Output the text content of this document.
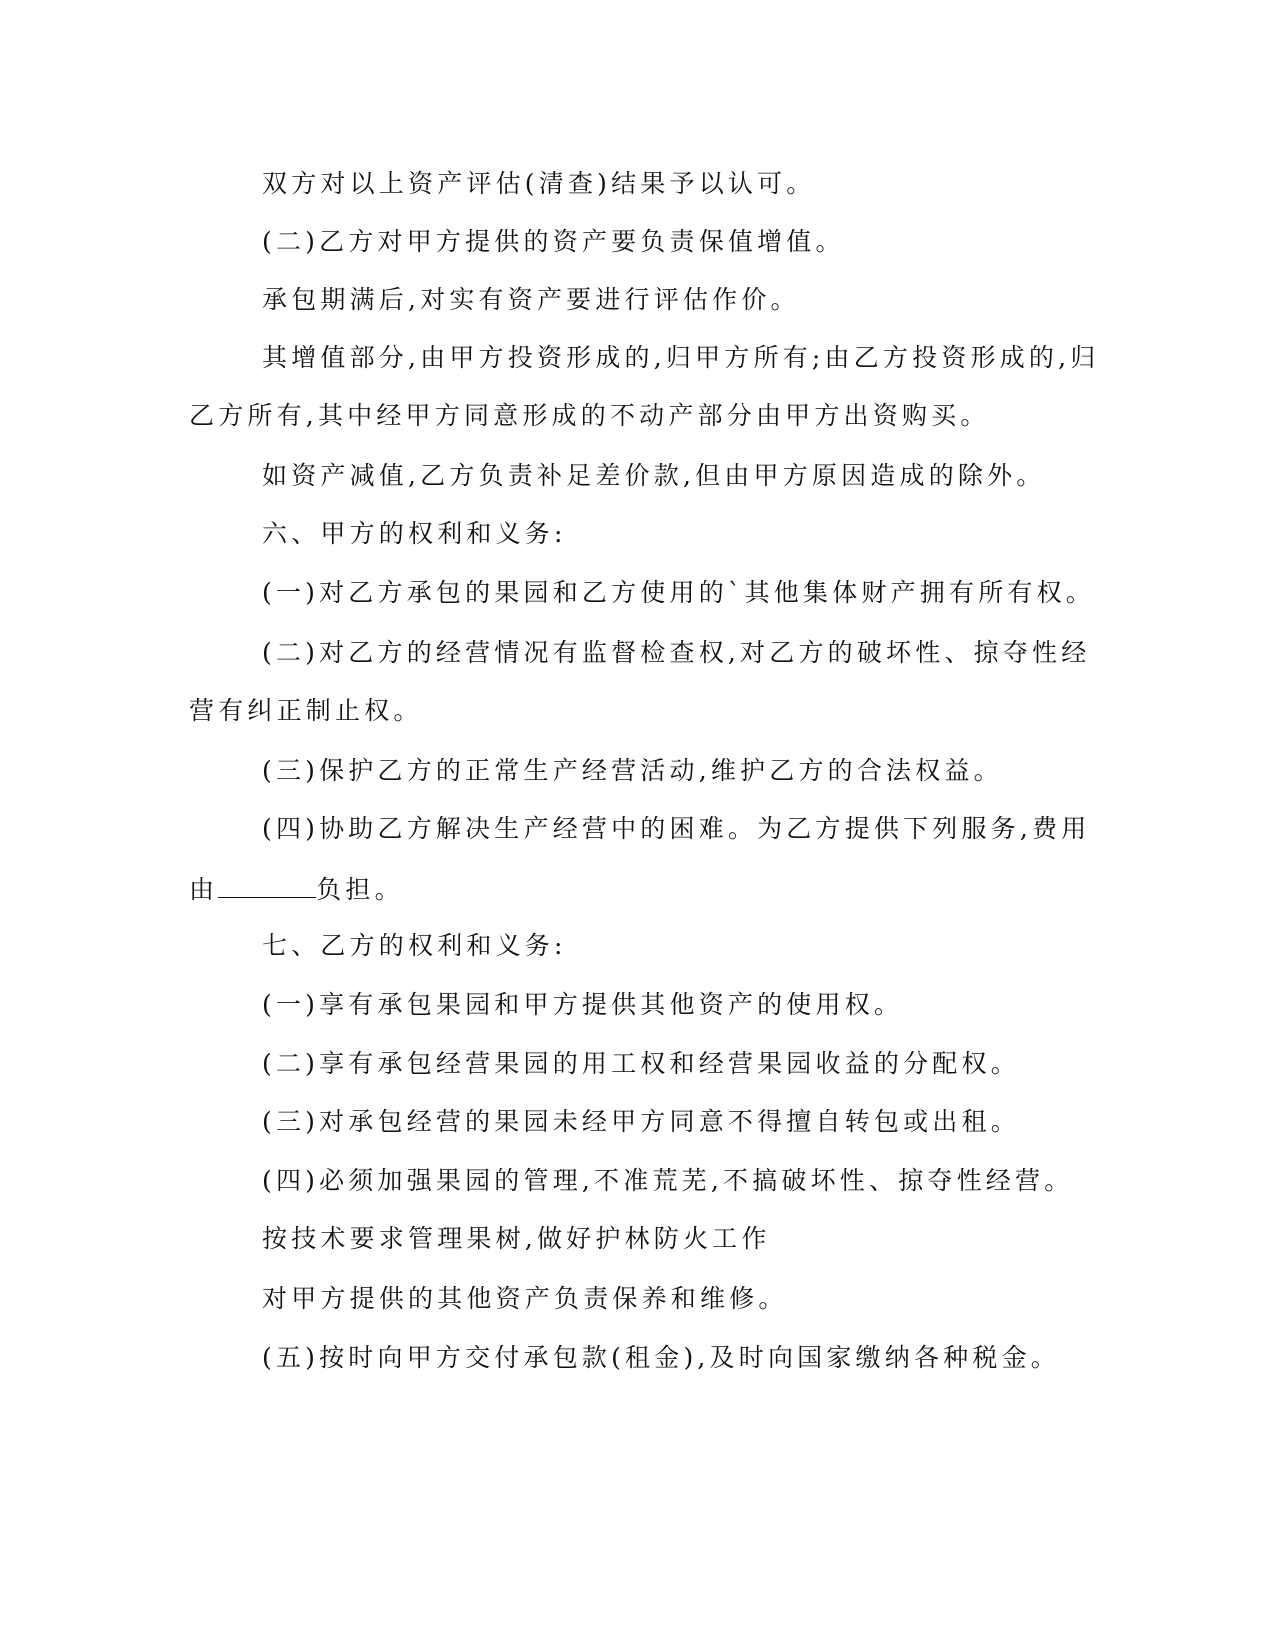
双方对以上资产评估(清查)结果予以认可。
(二)乙方对甲方提供的资产要负责保值增值。
承包期满后,对实有资产要进行评估作价。
其增值部分,由甲方投资形成的,归甲方所有;由乙方投资形成的,归
乙方所有,其中经甲方同意形成的不动产部分由甲方出资购买。
如资产减值,乙方负责补足差价款,但由甲方原因造成的除外。
六、甲方的权利和义务:
(一)对乙方承包的果园和乙方使用的`其他集体财产拥有所有权。
(二)对乙方的经营情况有监督检查权,对乙方的破坏性、掠夺性经
营有纠正制止权。
(三)保护乙方的正常生产经营活动,维护乙方的合法权益。
(四)协助乙方解决生产经营中的困难。为乙方提供下列服务,费用
由	负担。
七、乙方的权利和义务:
(一)享有承包果园和甲方提供其他资产的使用权。
(二)享有承包经营果园的用工权和经营果园收益的分配权。
(三)对承包经营的果园未经甲方同意不得擅自转包或出租。
(四)必须加强果园的管理,不准荒芜,不搞破坏性、掠夺性经营。
按技术要求管理果树,做好护林防火工作
对甲方提供的其他资产负责保养和维修。
(五)按时向甲方交付承包款(租金),及时向国家缴纳各种税金。
